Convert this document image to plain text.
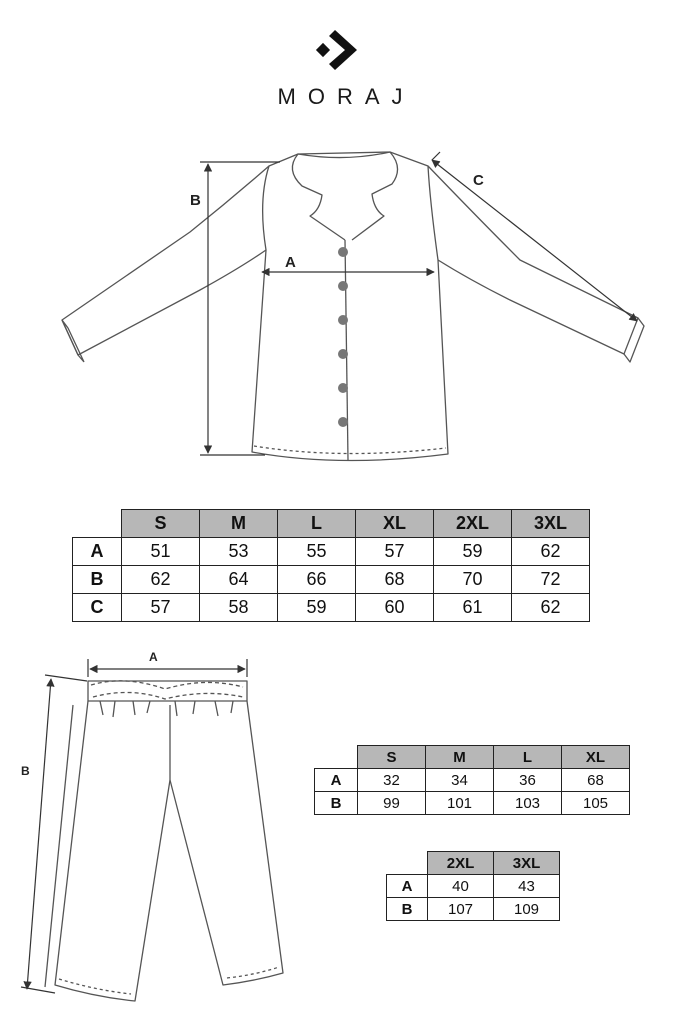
MORAJ
B
A
C
	S	M	L	XL	2XL	3XL
A	51	53	55	57	59	62
B	62	64	66	68	70	72
C	57	58	59	60	61	62
A
B
	S	M	L	XL
A	32	34	36	68
B	99	101	103	105
	2XL	3XL
A	40	43
B	107	109
